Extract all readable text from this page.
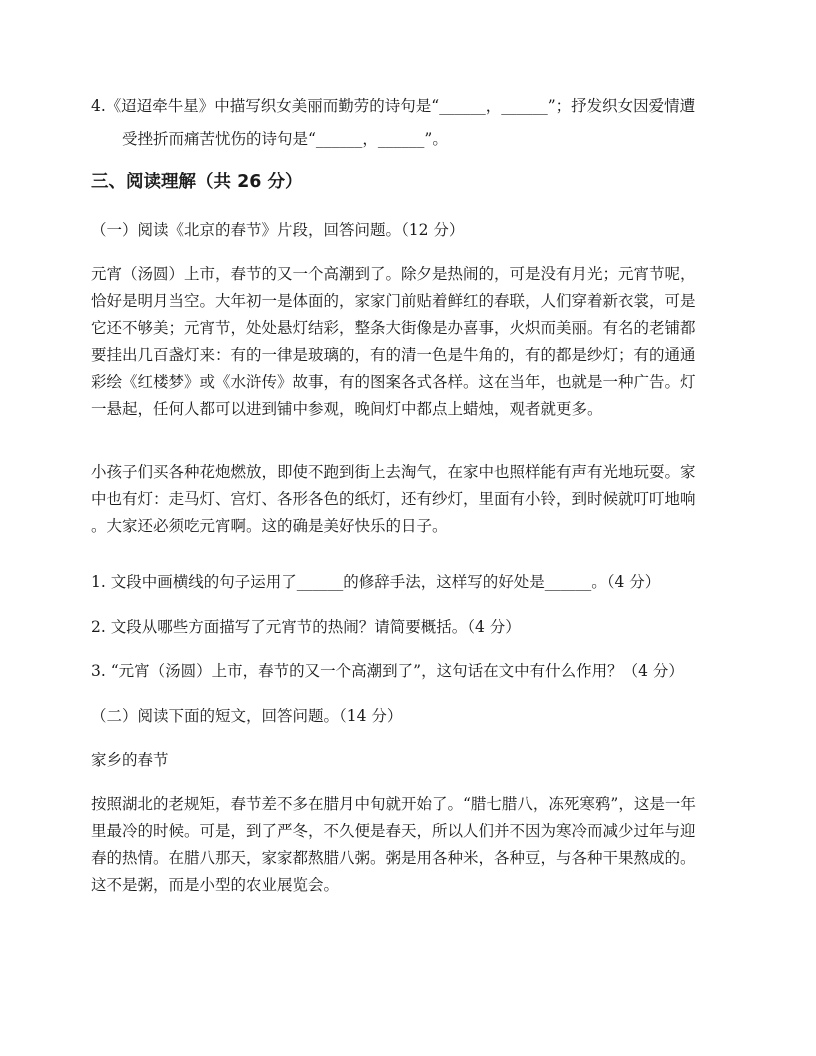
4.《迢迢牵牛星》中描写织女美丽而勤劳的诗句是“______，______”；抒发织女因爱情遭
受挫折而痛苦忧伤的诗句是“______，______”。
三、阅读理解（共 26 分）
（一）阅读《北京的春节》片段，回答问题。（12 分）
元宵（汤圆）上市，春节的又一个高潮到了。除夕是热闹的，可是没有月光；元宵节呢，
恰好是明月当空。大年初一是体面的，家家门前贴着鲜红的春联，人们穿着新衣裳，可是
它还不够美；元宵节，处处悬灯结彩，整条大街像是办喜事，火炽而美丽。有名的老铺都
要挂出几百盏灯来：有的一律是玻璃的，有的清一色是牛角的，有的都是纱灯；有的通通
彩绘《红楼梦》或《水浒传》故事，有的图案各式各样。这在当年，也就是一种广告。灯
一悬起，任何人都可以进到铺中参观，晚间灯中都点上蜡烛，观者就更多。
小孩子们买各种花炮燃放，即使不跑到街上去淘气，在家中也照样能有声有光地玩耍。家
中也有灯：走马灯、宫灯、各形各色的纸灯，还有纱灯，里面有小铃，到时候就叮叮地响
。大家还必须吃元宵啊。这的确是美好快乐的日子。
1. 文段中画横线的句子运用了______的修辞手法，这样写的好处是______。（4 分）
2. 文段从哪些方面描写了元宵节的热闹？请简要概括。（4 分）
3. “元宵（汤圆）上市，春节的又一个高潮到了”，这句话在文中有什么作用？（4 分）
（二）阅读下面的短文，回答问题。（14 分）
家乡的春节
按照湖北的老规矩，春节差不多在腊月中旬就开始了。“腊七腊八，冻死寒鸦”，这是一年
里最冷的时候。可是，到了严冬，不久便是春天，所以人们并不因为寒冷而减少过年与迎
春的热情。在腊八那天，家家都熬腊八粥。粥是用各种米，各种豆，与各种干果熬成的。
这不是粥，而是小型的农业展览会。
